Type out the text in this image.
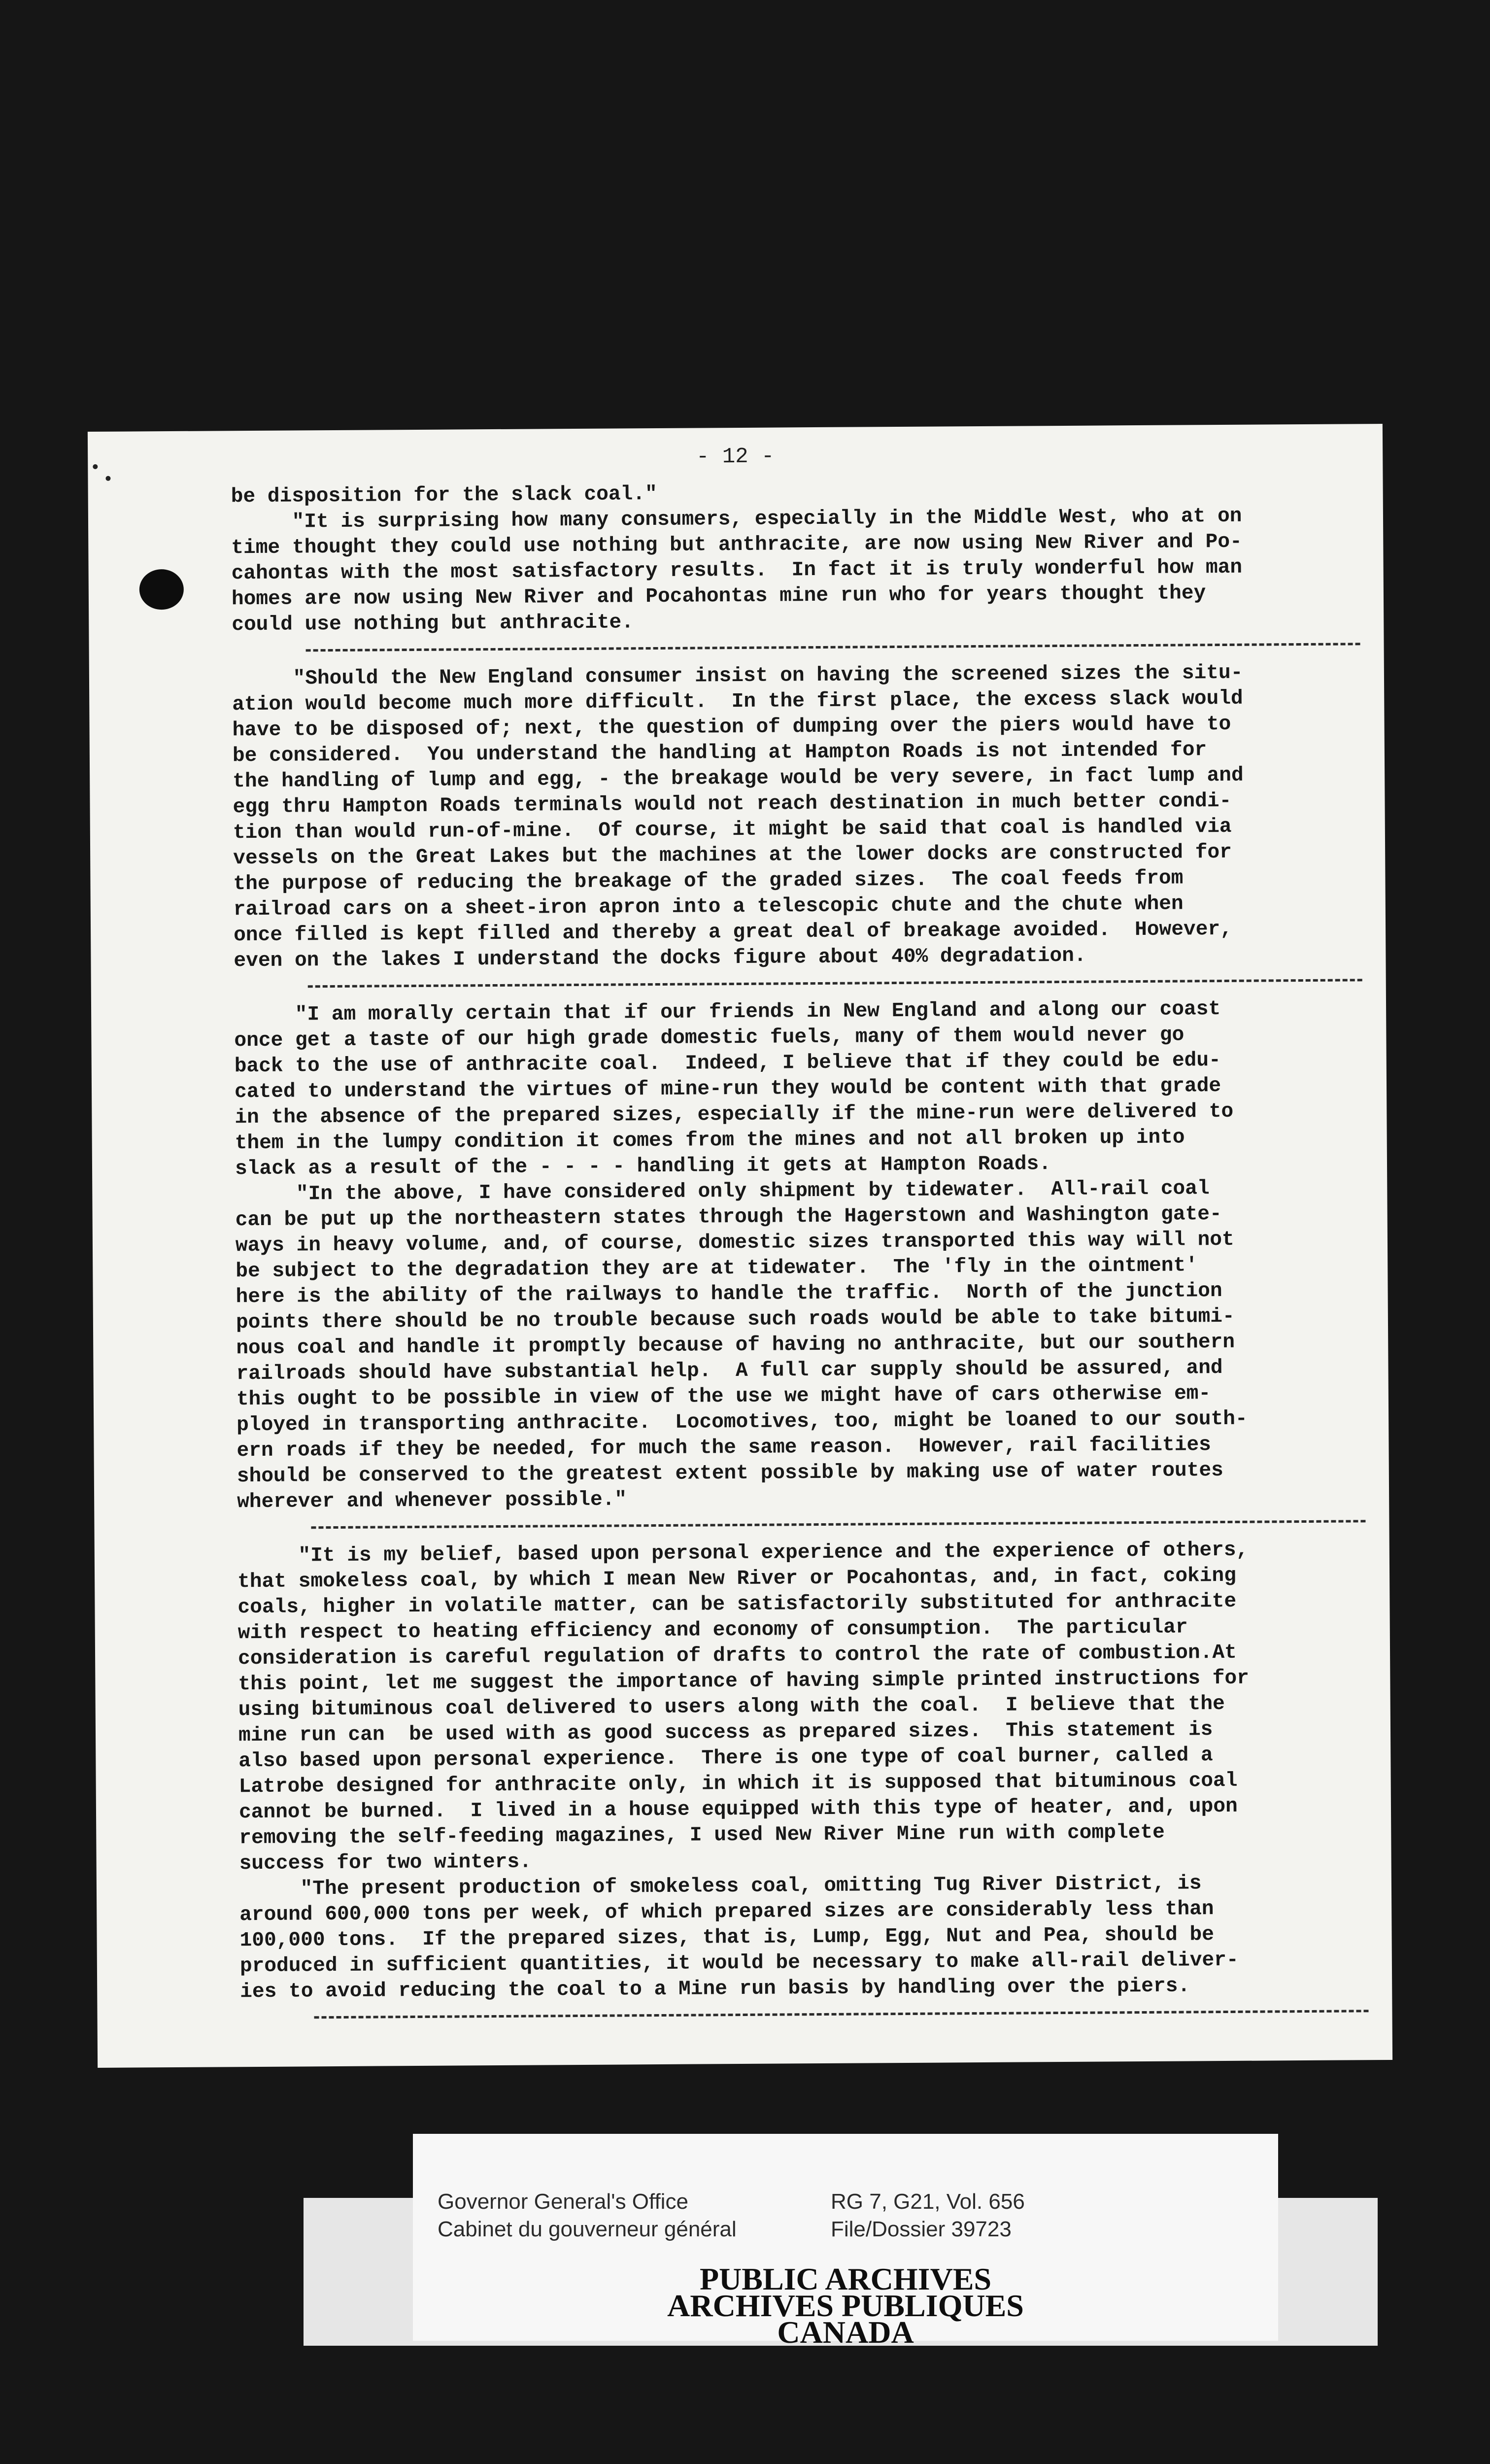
- 12 -
be disposition for the slack coal."
"It is surprising how many consumers, especially in the Middle West, who at on
time thought they could use nothing but anthracite, are now using New River and Po-
cahontas with the most satisfactory results.  In fact it is truly wonderful how man
homes are now using New River and Pocahontas mine run who for years thought they
could use nothing but anthracite.
"Should the New England consumer insist on having the screened sizes the situ-
ation would become much more difficult.  In the first place, the excess slack would
have to be disposed of; next, the question of dumping over the piers would have to
be considered.  You understand the handling at Hampton Roads is not intended for
the handling of lump and egg, - the breakage would be very severe, in fact lump and
egg thru Hampton Roads terminals would not reach destination in much better condi-
tion than would run-of-mine.  Of course, it might be said that coal is handled via
vessels on the Great Lakes but the machines at the lower docks are constructed for
the purpose of reducing the breakage of the graded sizes.  The coal feeds from
railroad cars on a sheet-iron apron into a telescopic chute and the chute when
once filled is kept filled and thereby a great deal of breakage avoided.  However,
even on the lakes I understand the docks figure about 40% degradation.
"I am morally certain that if our friends in New England and along our coast
once get a taste of our high grade domestic fuels, many of them would never go
back to the use of anthracite coal.  Indeed, I believe that if they could be edu-
cated to understand the virtues of mine-run they would be content with that grade
in the absence of the prepared sizes, especially if the mine-run were delivered to
them in the lumpy condition it comes from the mines and not all broken up into
slack as a result of the - - - - handling it gets at Hampton Roads.
"In the above, I have considered only shipment by tidewater.  All-rail coal
can be put up the northeastern states through the Hagerstown and Washington gate-
ways in heavy volume, and, of course, domestic sizes transported this way will not
be subject to the degradation they are at tidewater.  The 'fly in the ointment'
here is the ability of the railways to handle the traffic.  North of the junction
points there should be no trouble because such roads would be able to take bitumi-
nous coal and handle it promptly because of having no anthracite, but our southern
railroads should have substantial help.  A full car supply should be assured, and
this ought to be possible in view of the use we might have of cars otherwise em-
ployed in transporting anthracite.  Locomotives, too, might be loaned to our south-
ern roads if they be needed, for much the same reason.  However, rail facilities
should be conserved to the greatest extent possible by making use of water routes
wherever and whenever possible."
"It is my belief, based upon personal experience and the experience of others,
that smokeless coal, by which I mean New River or Pocahontas, and, in fact, coking
coals, higher in volatile matter, can be satisfactorily substituted for anthracite
with respect to heating efficiency and economy of consumption.  The particular
consideration is careful regulation of drafts to control the rate of combustion.At
this point, let me suggest the importance of having simple printed instructions for
using bituminous coal delivered to users along with the coal.  I believe that the
mine run can  be used with as good success as prepared sizes.  This statement is
also based upon personal experience.  There is one type of coal burner, called a
Latrobe designed for anthracite only, in which it is supposed that bituminous coal
cannot be burned.  I lived in a house equipped with this type of heater, and, upon
removing the self-feeding magazines, I used New River Mine run with complete
success for two winters.
"The present production of smokeless coal, omitting Tug River District, is
around 600,000 tons per week, of which prepared sizes are considerably less than
100,000 tons.  If the prepared sizes, that is, Lump, Egg, Nut and Pea, should be
produced in sufficient quantities, it would be necessary to make all-rail deliver-
ies to avoid reducing the coal to a Mine run basis by handling over the piers.
Governor General's Office
Cabinet du gouverneur général
RG 7, G21, Vol. 656
File/Dossier 39723
PUBLIC ARCHIVES
ARCHIVES PUBLIQUES
CANADA
